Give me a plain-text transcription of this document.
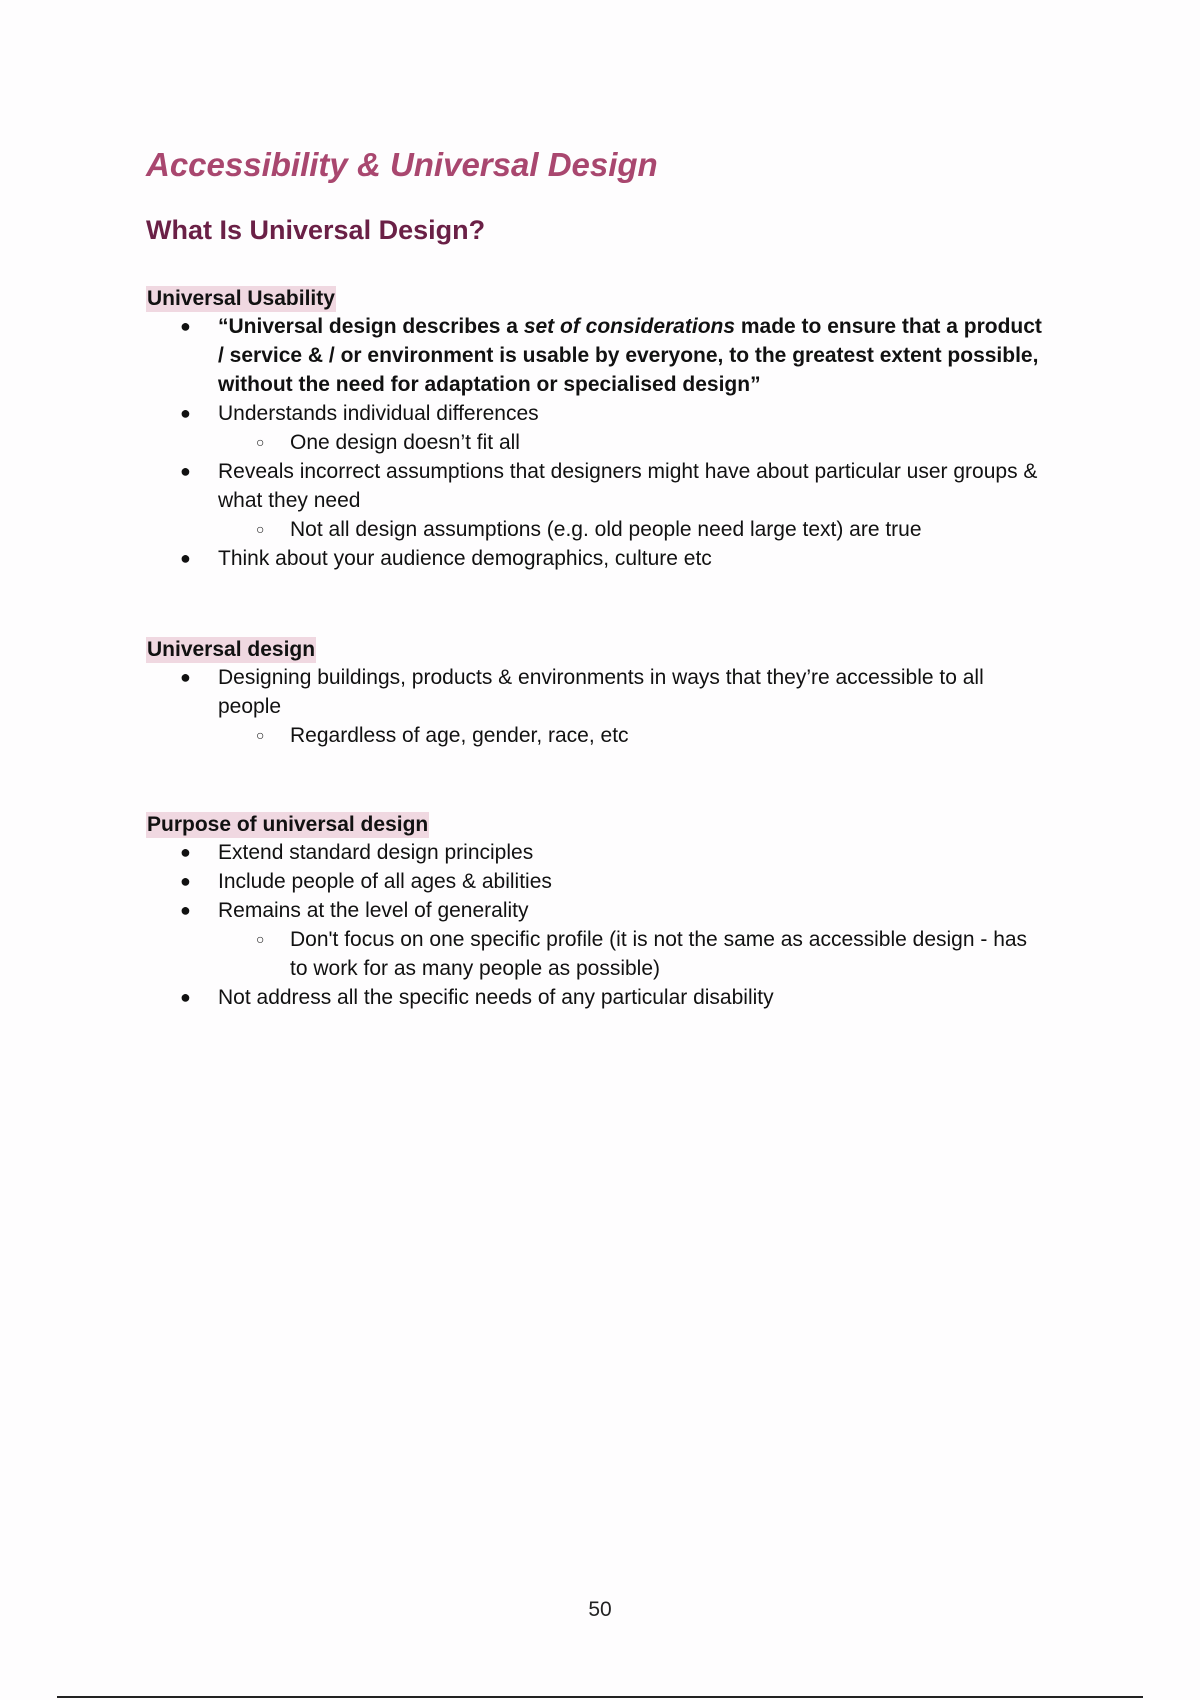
Accessibility & Universal Design
What Is Universal Design?
Universal Usability
● “Universal design describes a set of considerations made to ensure that a product / service & / or environment is usable by everyone, to the greatest extent possible, without the need for adaptation or specialised design”
● Understands individual differences
○ One design doesn’t fit all
● Reveals incorrect assumptions that designers might have about particular user groups & what they need
○ Not all design assumptions (e.g. old people need large text) are true
● Think about your audience demographics, culture etc
Universal design
● Designing buildings, products & environments in ways that they’re accessible to all people
○ Regardless of age, gender, race, etc
Purpose of universal design
● Extend standard design principles
● Include people of all ages & abilities
● Remains at the level of generality
○ Don't focus on one specific profile (it is not the same as accessible design - has to work for as many people as possible)
● Not address all the specific needs of any particular disability
50
